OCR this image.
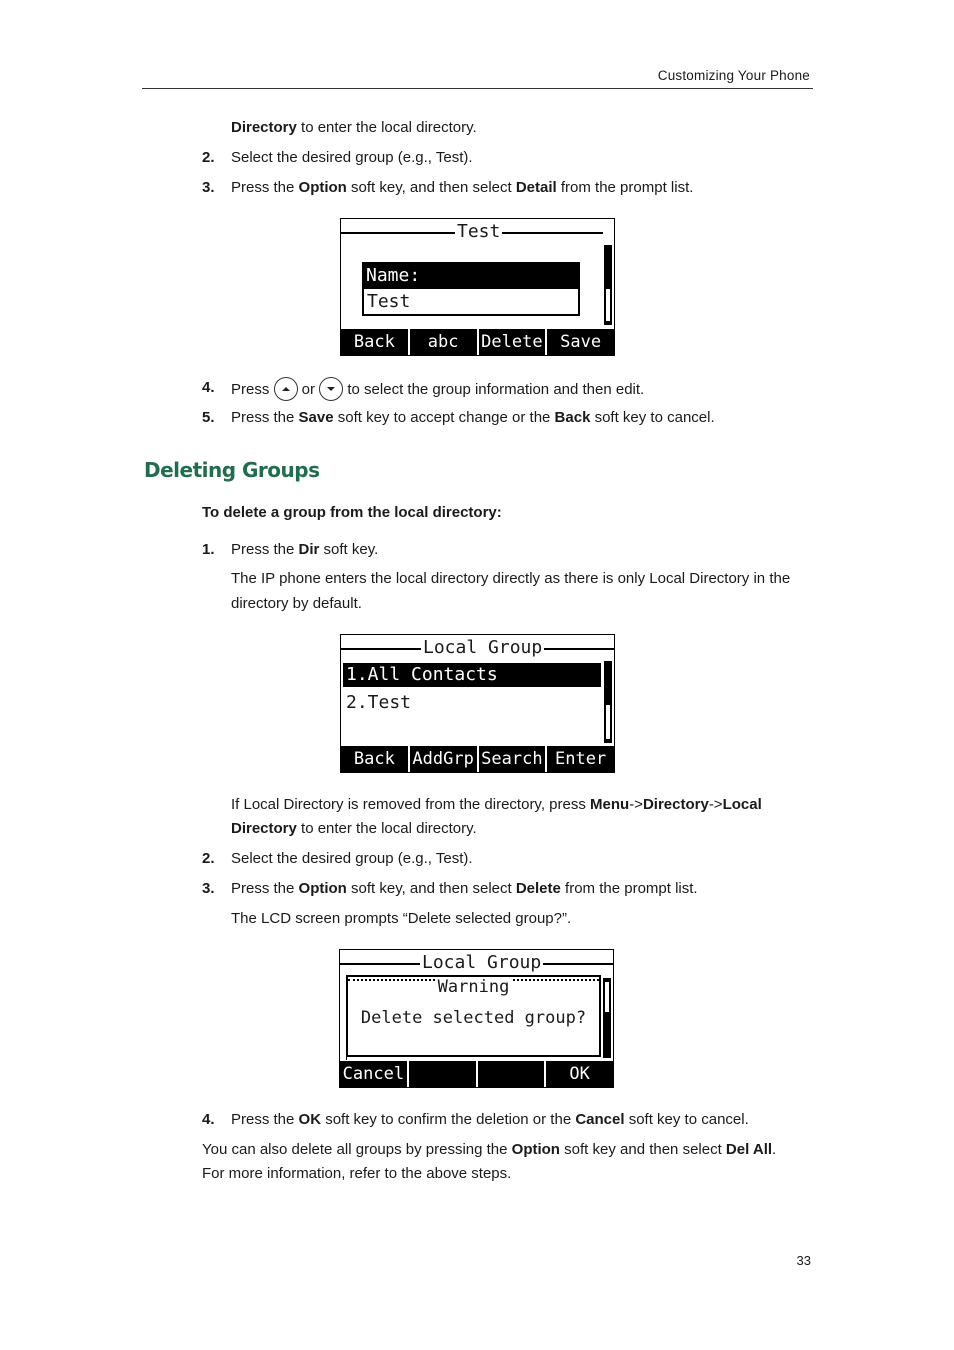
Customizing Your Phone
Directory to enter the local directory.
2. Select the desired group (e.g., Test).
3. Press the Option soft key, and then select Detail from the prompt list.
Test
Name:
Test
Back	abc	Delete	Save
4. Press
or
to select the group information and then edit.
5. Press the Save soft key to accept change or the Back soft key to cancel.
Deleting Groups
To delete a group from the local directory:
1. Press the Dir soft key.
The IP phone enters the local directory directly as there is only Local Directory in the
directory by default.
Local Group
1.All Contacts
2.Test
Back	AddGrp Search Enter
If Local Directory is removed from the directory, press Menu->Directory->Local
Directory to enter the local directory.
2. Select the desired group (e.g., Test).
3. Press the Option soft key, and then select Delete from the prompt list.
The LCD screen prompts “Delete selected group?”.
Local Group
Warning
Delete selected group?
Cancel	OK
4. Press the OK soft key to confirm the deletion or the Cancel soft key to cancel.
You can also delete all groups by pressing the Option soft key and then select Del All.
For more information, refer to the above steps.
33
